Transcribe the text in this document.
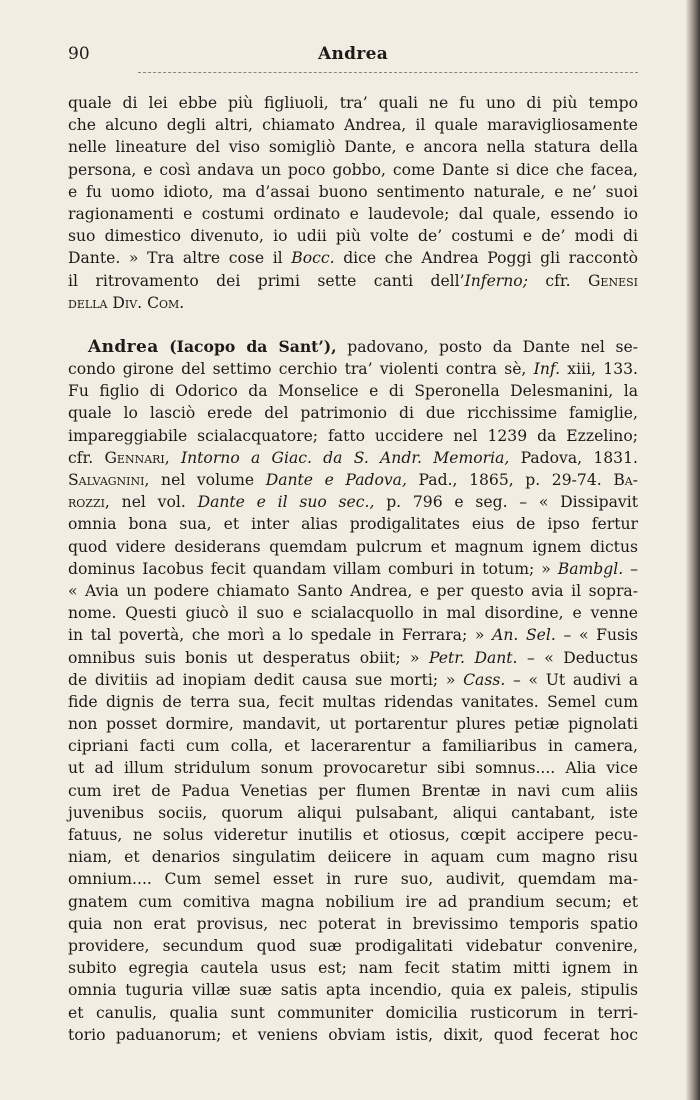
90	Andrea
quale di lei ebbe più figliuoli, tra’ quali ne fu uno di più tempo
che alcuno degli altri, chiamato Andrea, il quale maravigliosamente
nelle lineature del viso somigliò Dante, e ancora nella statura della
persona, e così andava un poco gobbo, come Dante si dice che facea,
e fu uomo idioto, ma d’assai buono sentimento naturale, e ne’ suoi
ragionamenti e costumi ordinato e laudevole; dal quale, essendo io
suo dimestico divenuto, io udii più volte de’ costumi e de’ modi di
Dante. » Tra altre cose il Bocc. dice che Andrea Poggi gli raccontò
il ritrovamento dei primi sette canti dell’Inferno; cfr. Genesi
della Div. Com.
Andrea (Iacopo da Sant’), padovano, posto da Dante nel se-
condo girone del settimo cerchio tra’ violenti contra sè, Inf. xiii, 133.
Fu figlio di Odorico da Monselice e di Speronella Delesmanini, la
quale lo lasciò erede del patrimonio di due ricchissime famiglie,
impareggiabile scialacquatore; fatto uccidere nel 1239 da Ezzelino;
cfr. Gennari, Intorno a Giac. da S. Andr. Memoria, Padova, 1831.
Salvagnini, nel volume Dante e Padova, Pad., 1865, p. 29-74. Ba-
rozzi, nel vol. Dante e il suo sec., p. 796 e seg. – « Dissipavit
omnia bona sua, et inter alias prodigalitates eius de ipso fertur
quod videre desiderans quemdam pulcrum et magnum ignem dictus
dominus Iacobus fecit quandam villam comburi in totum; » Bambgl. –
« Avia un podere chiamato Santo Andrea, e per questo avia il sopra-
nome. Questi giucò il suo e scialacquollo in mal disordine, e venne
in tal povertà, che morì a lo spedale in Ferrara; » An. Sel. – « Fusis
omnibus suis bonis ut desperatus obiit; » Petr. Dant. – « Deductus
de divitiis ad inopiam dedit causa sue morti; » Cass. – « Ut audivi a
fide dignis de terra sua, fecit multas ridendas vanitates. Semel cum
non posset dormire, mandavit, ut portarentur plures petiæ pignolati
cipriani facti cum colla, et lacerarentur a familiaribus in camera,
ut ad illum stridulum sonum provocaretur sibi somnus.... Alia vice
cum iret de Padua Venetias per flumen Brentæ in navi cum aliis
juvenibus sociis, quorum aliqui pulsabant, aliqui cantabant, iste
fatuus, ne solus videretur inutilis et otiosus, cœpit accipere pecu-
niam, et denarios singulatim deiicere in aquam cum magno risu
omnium.... Cum semel esset in rure suo, audivit, quemdam ma-
gnatem cum comitiva magna nobilium ire ad prandium secum; et
quia non erat provisus, nec poterat in brevissimo temporis spatio
providere, secundum quod suæ prodigalitati videbatur convenire,
subito egregia cautela usus est; nam fecit statim mitti ignem in
omnia tuguria villæ suæ satis apta incendio, quia ex paleis, stipulis
et canulis, qualia sunt communiter domicilia rusticorum in terri-
torio paduanorum; et veniens obviam istis, dixit, quod fecerat hoc
